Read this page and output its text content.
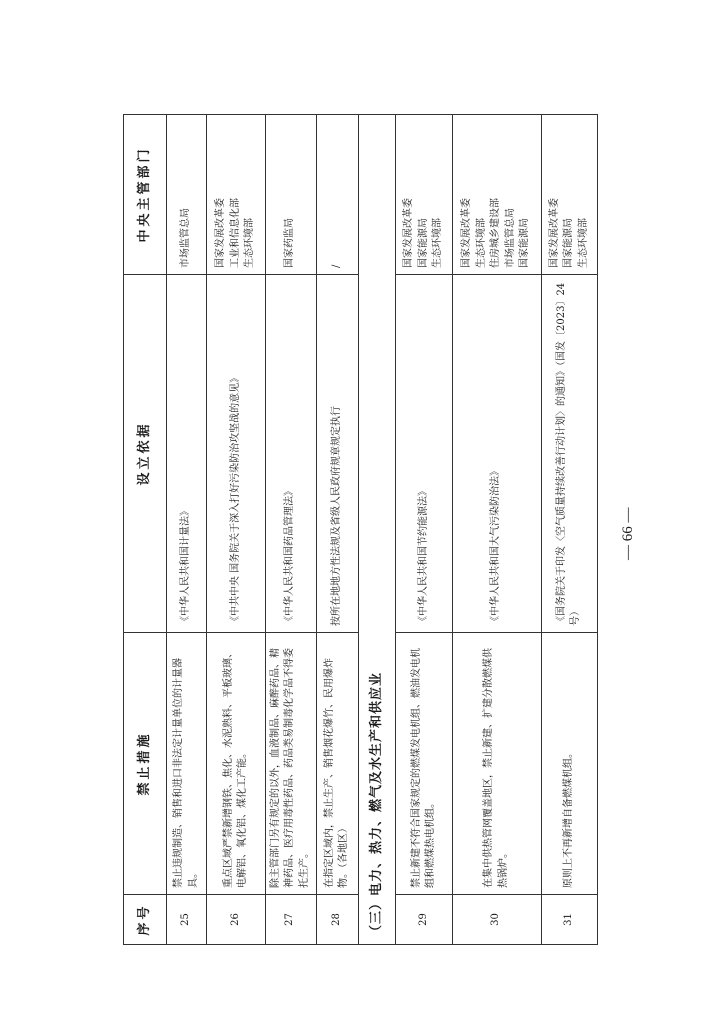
序号	禁止措施	设立依据	中央主管部门
25	禁止违规制造、销售和进口非法定计量单位的计量器具。	《中华人民共和国计量法》	市场监管总局
26	重点区域严禁新增钢铁、焦化、水泥熟料、平板玻璃、电解铝、氧化铝、煤化工产能。	《中共中央 国务院关于深入打好污染防治攻坚战的意见》	国家发展改革委
工业和信息化部
生态环境部
27	除主管部门另有规定的以外，血液制品、麻醉药品、精神药品、医疗用毒性药品、药品类易制毒化学品不得委托生产。	《中华人民共和国药品管理法》	国家药监局
28	在指定区域内，禁止生产、销售烟花爆竹、民用爆炸物。（各地区）	按所在地地方性法规及省级人民政府规章规定执行	/
（三）电力、热力、燃气及水生产和供应业			
29	禁止新建不符合国家规定的燃煤发电机组、燃油发电机组和燃煤热电机组。	《中华人民共和国节约能源法》	国家发展改革委
国家能源局
生态环境部
30	在集中供热管网覆盖地区，禁止新建、扩建分散燃煤供热锅炉。	《中华人民共和国大气污染防治法》	国家发展改革委
生态环境部
住房城乡建设部
市场监管总局
国家能源局
31	原则上不再新增自备燃煤机组。	《国务院关于印发〈空气质量持续改善行动计划〉的通知》（国发〔2023〕24号）	国家发展改革委
国家能源局
生态环境部
— 66 —
